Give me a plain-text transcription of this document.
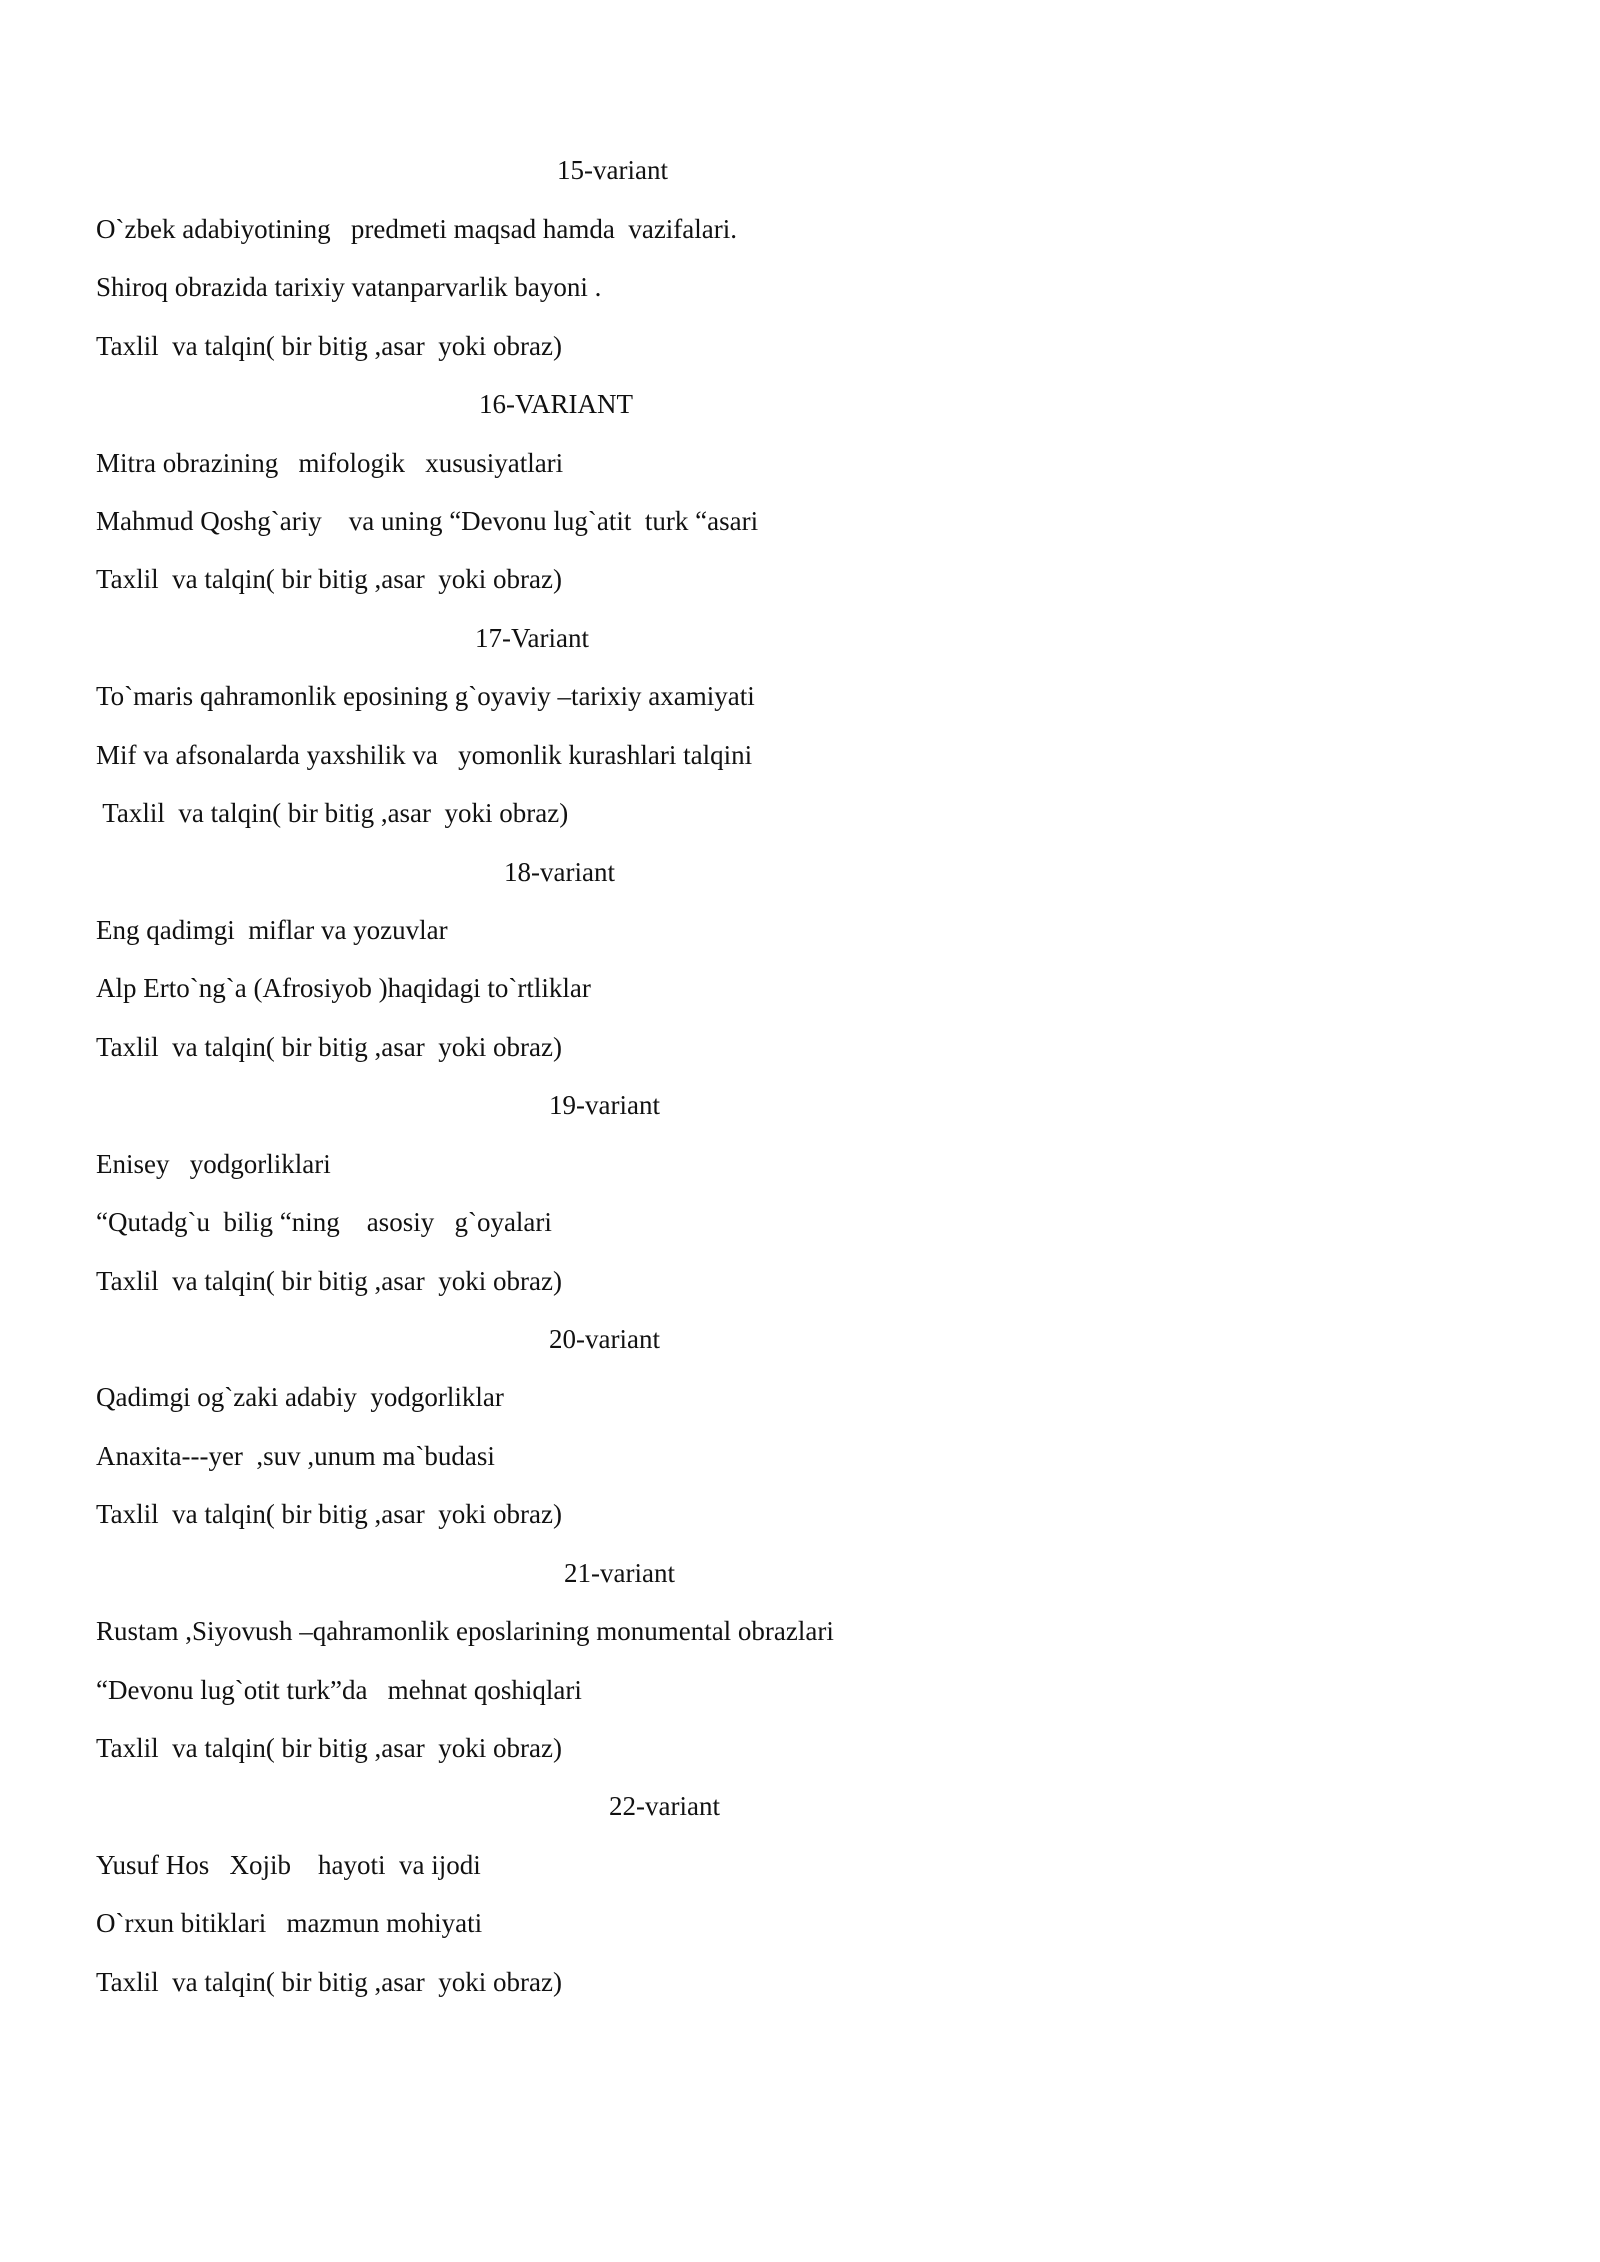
15-variant
O`zbek adabiyotining   predmeti maqsad hamda  vazifalari.
Shiroq obrazida tarixiy vatanparvarlik bayoni .
Taxlil  va talqin( bir bitig ,asar  yoki obraz)
16-VARIANT
Mitra obrazining   mifologik   xususiyatlari
Mahmud Qoshg`ariy    va uning “Devonu lug`atit  turk “asari
Taxlil  va talqin( bir bitig ,asar  yoki obraz)
17-Variant
To`maris qahramonlik eposining g`oyaviy –tarixiy axamiyati
Mif va afsonalarda yaxshilik va   yomonlik kurashlari talqini
Taxlil  va talqin( bir bitig ,asar  yoki obraz)
18-variant
Eng qadimgi  miflar va yozuvlar
Alp Erto`ng`a (Afrosiyob )haqidagi to`rtliklar
Taxlil  va talqin( bir bitig ,asar  yoki obraz)
19-variant
Enisey   yodgorliklari
“Qutadg`u  bilig “ning    asosiy   g`oyalari
Taxlil  va talqin( bir bitig ,asar  yoki obraz)
20-variant
Qadimgi og`zaki adabiy  yodgorliklar
Anaxita---yer  ,suv ,unum ma`budasi
Taxlil  va talqin( bir bitig ,asar  yoki obraz)
21-variant
Rustam ,Siyovush –qahramonlik eposlarining monumental obrazlari
“Devonu lug`otit turk”da   mehnat qoshiqlari
Taxlil  va talqin( bir bitig ,asar  yoki obraz)
22-variant
Yusuf Hos   Xojib    hayoti  va ijodi
O`rxun bitiklari   mazmun mohiyati
Taxlil  va talqin( bir bitig ,asar  yoki obraz)
